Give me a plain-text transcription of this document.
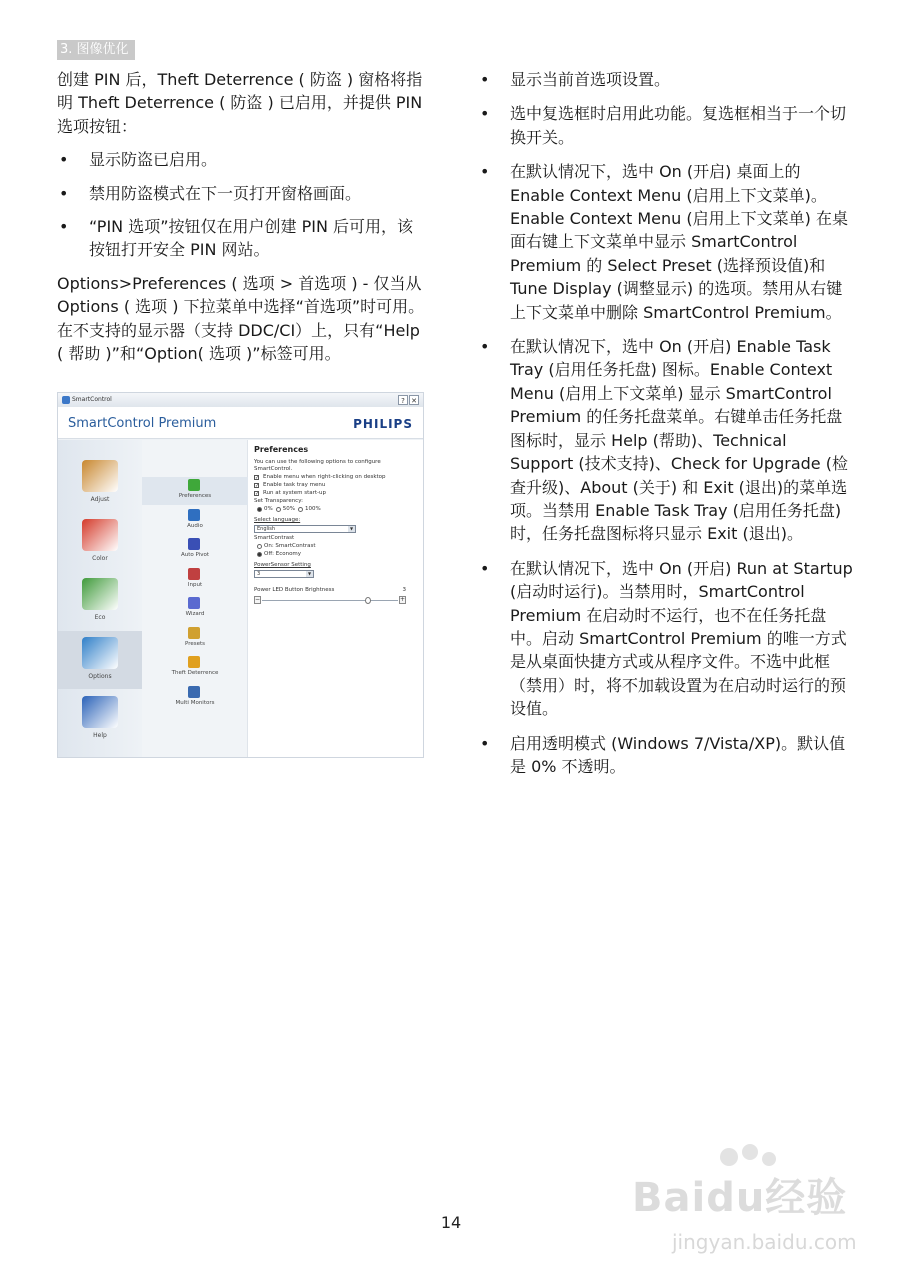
3. 图像优化

创建 PIN 后，Theft Deterrence ( 防盗 ) 窗格将指明 Theft Deterrence ( 防盗 ) 已启用，并提供 PIN 选项按钮：

• 显示防盗已启用。
• 禁用防盗模式在下一页打开窗格画面。
• “PIN 选项”按钮仅在用户创建 PIN 后可用，该按钮打开安全 PIN 网站。

Options>Preferences ( 选项 > 首选项 ) - 仅当从 Options ( 选项 ) 下拉菜单中选择“首选项”时可用。在不支持的显示器（支持 DDC/CI）上，只有“Help ( 帮助 )”和“Option( 选项 )”标签可用。

SmartControl	? ✕
SmartControl Premium	PHILIPS
Adjust
Color
Eco
Options
Help
Preferences
Audio
Auto Pivot
Input
Wizard
Presets
Theft Deterrence
Multi Monitors
Preferences
You can use the following options to configure SmartControl.
✓ Enable menu when right-clicking on desktop
✓ Enable task tray menu
✓ Run at system start-up
Set Transparency:
0% 50% 100%
Select language:
English	▼
SmartContrast
On: SmartContrast
Off: Economy
PowerSensor Setting
3	▼
Power LED Button Brightness	3
−	+
• 显示当前首选项设置。
• 选中复选框时启用此功能。复选框相当于一个切换开关。
• 在默认情况下，选中 On (开启) 桌面上的 Enable Context Menu (启用上下文菜单)。Enable Context Menu (启用上下文菜单) 在桌面右键上下文菜单中显示 SmartControl Premium 的 Select Preset (选择预设值)和 Tune Display (调整显示) 的选项。禁用从右键上下文菜单中删除 SmartControl Premium。
• 在默认情况下，选中 On (开启) Enable Task Tray (启用任务托盘) 图标。Enable Context Menu (启用上下文菜单) 显示 SmartControl Premium 的任务托盘菜单。右键单击任务托盘图标时，显示 Help (帮助)、Technical Support (技术支持)、Check for Upgrade (检查升级)、About (关于) 和 Exit (退出)的菜单选项。当禁用 Enable Task Tray (启用任务托盘) 时，任务托盘图标将只显示 Exit (退出)。
• 在默认情况下，选中 On (开启) Run at Startup (启动时运行)。当禁用时，SmartControl Premium 在启动时不运行，也不在任务托盘中。启动 SmartControl Premium 的唯一方式是从桌面快捷方式或从程序文件。不选中此框（禁用）时，将不加载设置为在启动时运行的预设值。
• 启用透明模式 (Windows 7/Vista/XP)。默认值是 0% 不透明。
14
Baidu经验
jingyan.baidu.com
